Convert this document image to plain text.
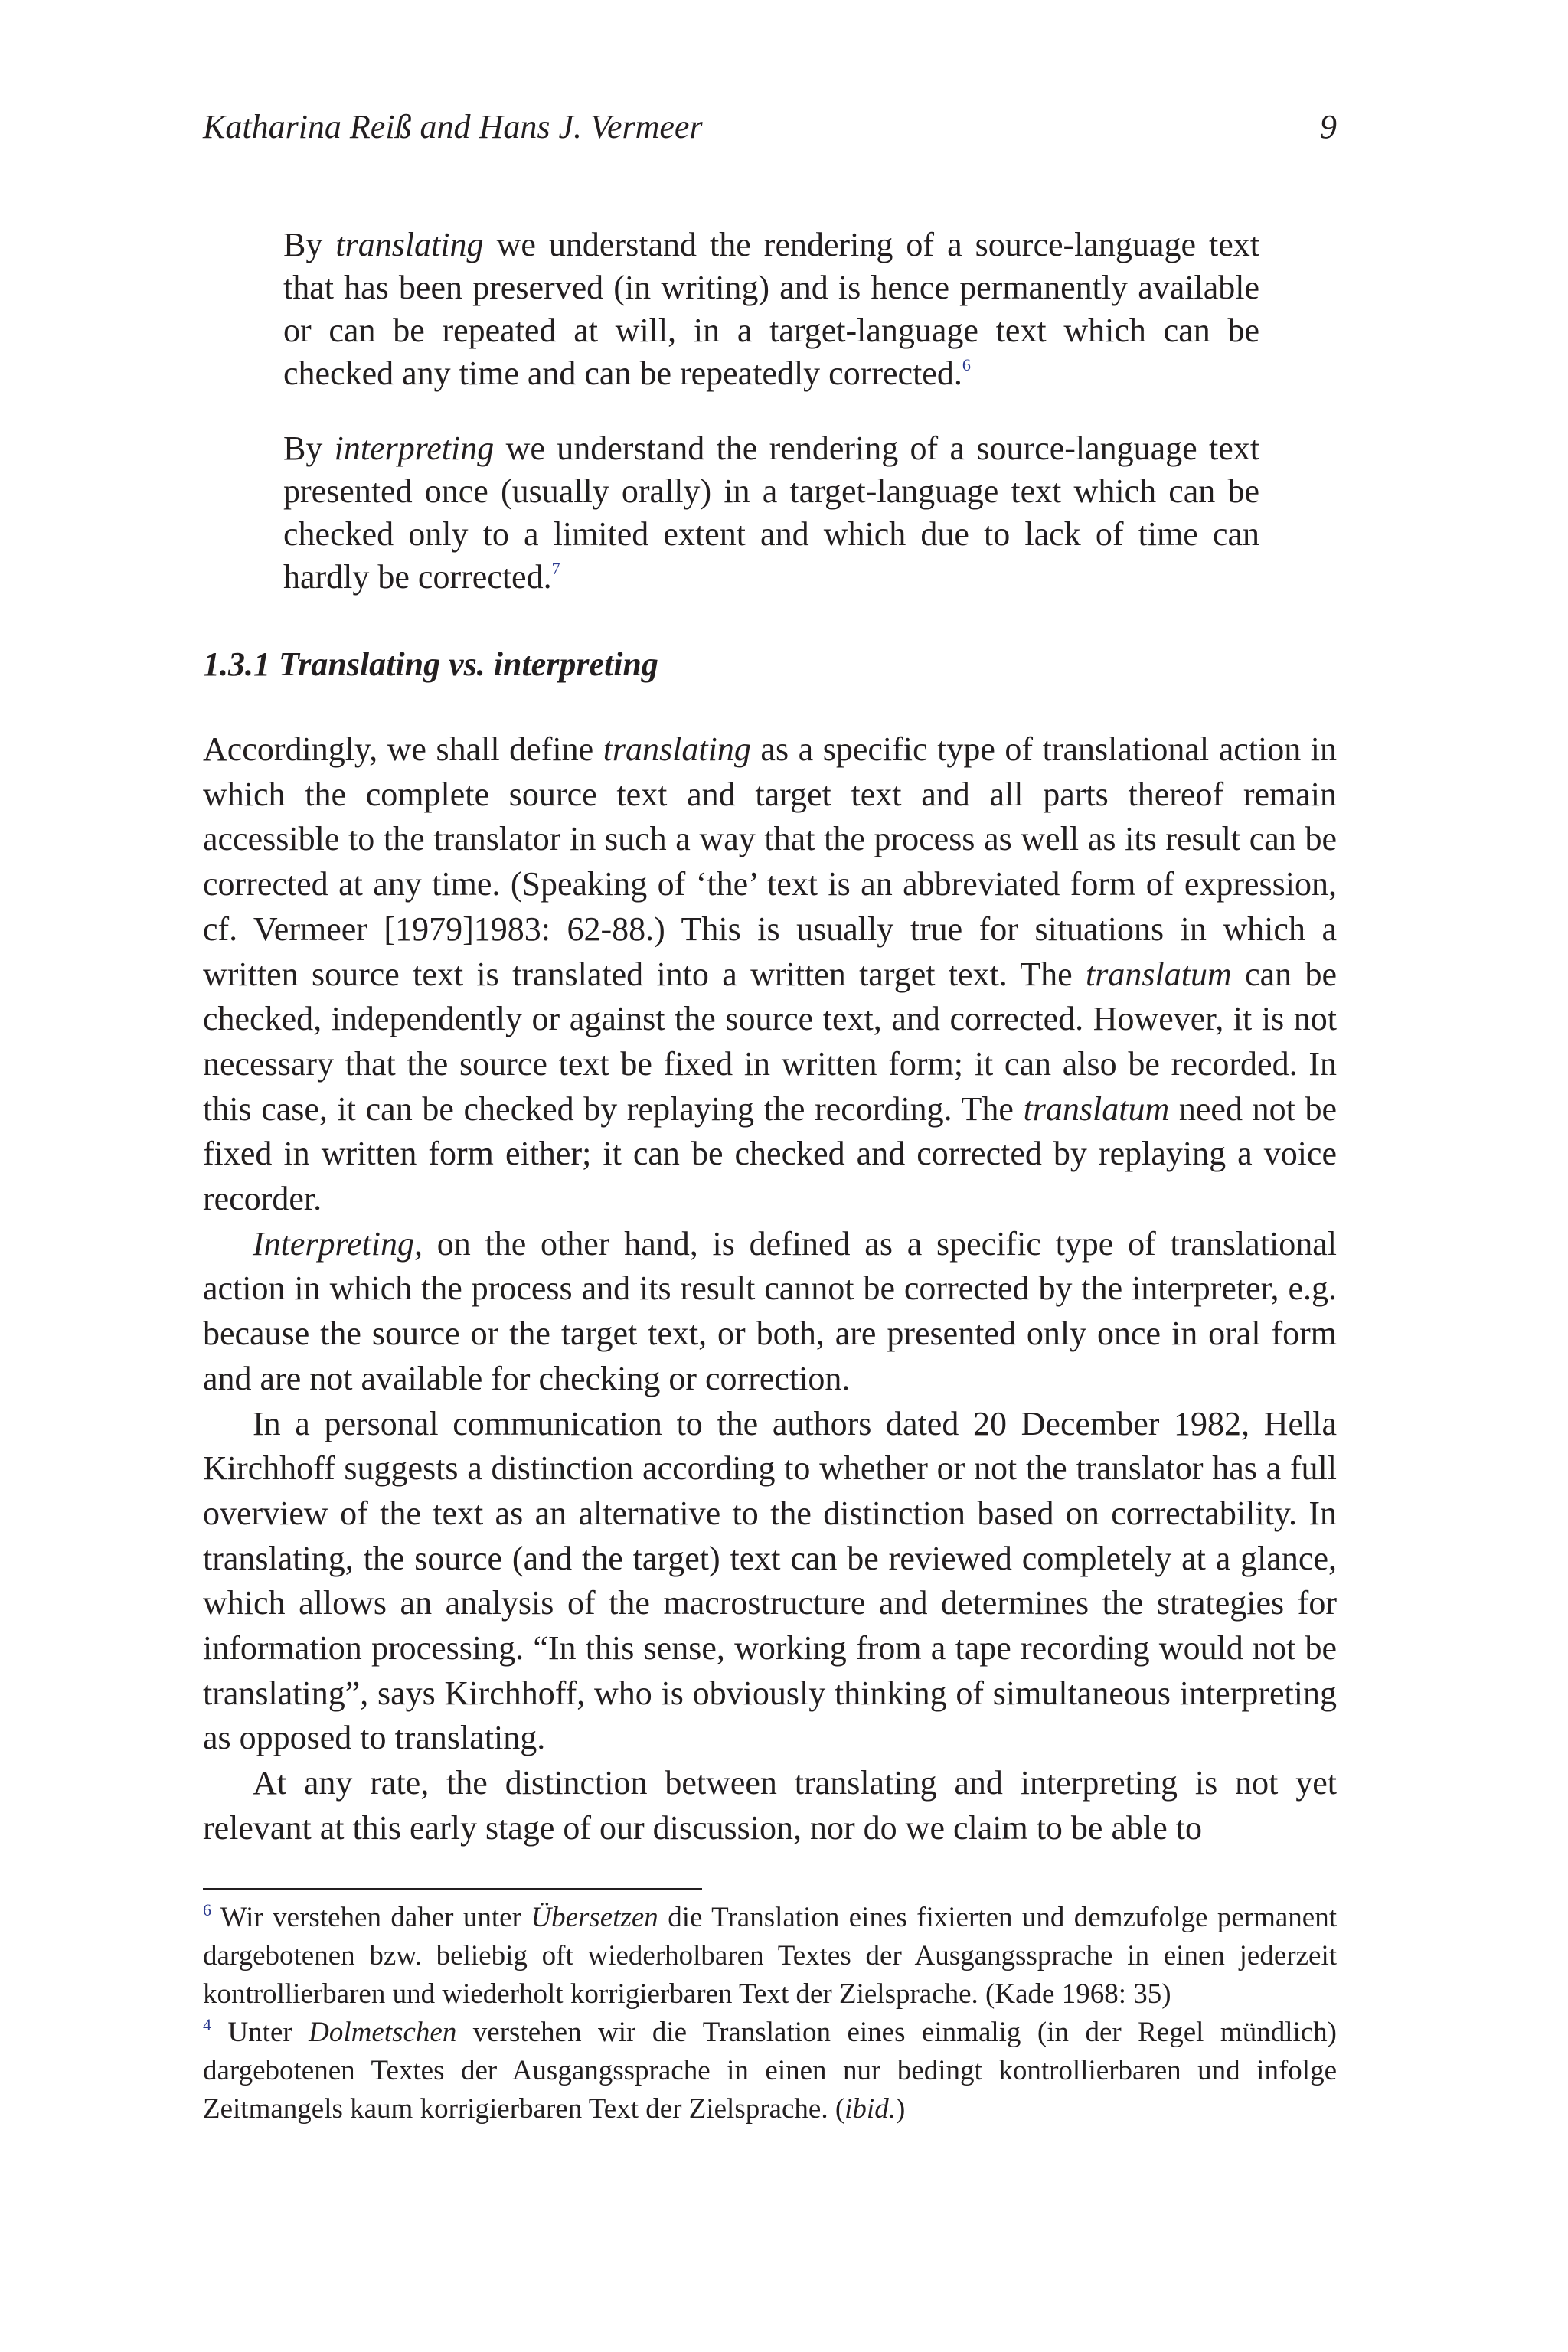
Katharina Reiß and Hans J. Vermeer	9
By translating we understand the rendering of a source-language text that has been preserved (in writing) and is hence permanently available or can be repeated at will, in a target-language text which can be checked any time and can be repeatedly corrected.$^6$
By interpreting we understand the rendering of a source-language text presented once (usually orally) in a target-language text which can be checked only to a limited extent and which due to lack of time can hardly be corrected.$^7$
1.3.1 Translating vs. interpreting

Accordingly, we shall define translating as a specific type of translational action in which the complete source text and target text and all parts thereof remain accessible to the translator in such a way that the process as well as its result can be corrected at any time. (Speaking of ‘the’ text is an abbreviated form of expression, cf. Vermeer [1979]1983: 62-88.) This is usually true for situations in which a written source text is translated into a written target text. The translatum can be checked, independently or against the source text, and corrected. However, it is not necessary that the source text be fixed in written form; it can also be recorded. In this case, it can be checked by replaying the recording. The translatum need not be fixed in written form either; it can be checked and corrected by replaying a voice recorder.

Interpreting, on the other hand, is defined as a specific type of translational action in which the process and its result cannot be corrected by the interpreter, e.g. because the source or the target text, or both, are presented only once in oral form and are not available for checking or correction.

In a personal communication to the authors dated 20 December 1982, Hella Kirchhoff suggests a distinction according to whether or not the translator has a full overview of the text as an alternative to the distinction based on correctability. In translating, the source (and the target) text can be reviewed completely at a glance, which allows an analysis of the macrostructure and determines the strategies for information processing. “In this sense, working from a tape recording would not be translating”, says Kirchhoff, who is obviously thinking of simultaneous interpreting as opposed to translating.

At any rate, the distinction between translating and interpreting is not yet relevant at this early stage of our discussion, nor do we claim to be able to

$^6$ Wir verstehen daher unter Übersetzen die Translation eines fixierten und demzufolge permanent dargebotenen bzw. beliebig oft wiederholbaren Textes der Ausgangssprache in einen jederzeit kontrollierbaren und wiederholt korrigierbaren Text der Zielsprache. (Kade 1968: 35)

$^4$ Unter Dolmetschen verstehen wir die Translation eines einmalig (in der Regel mündlich) dargebotenen Textes der Ausgangssprache in einen nur bedingt kontrollierbaren und infolge Zeitmangels kaum korrigierbaren Text der Zielsprache. (ibid.)
